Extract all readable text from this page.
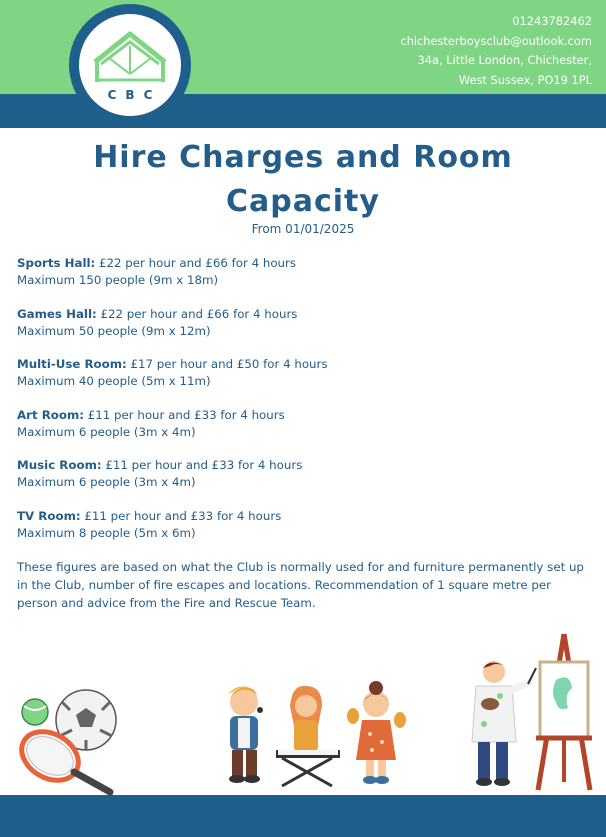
CBC
01243782462
chichesterboysclub@outlook.com
34a, Little London, Chichester,
West Sussex, PO19 1PL
Hire Charges and Room
Capacity
From 01/01/2025
Sports Hall: £22 per hour and £66 for 4 hours
Maximum 150 people (9m x 18m)
Games Hall: £22 per hour and £66 for 4 hours
Maximum 50 people (9m x 12m)
Multi-Use Room: £17 per hour and £50 for 4 hours
Maximum 40 people (5m x 11m)
Art Room: £11 per hour and £33 for 4 hours
Maximum 6 people (3m x 4m)
Music Room: £11 per hour and £33 for 4 hours
Maximum 6 people (3m x 4m)
TV Room: £11 per hour and £33 for 4 hours
Maximum 8 people (5m x 6m)
These figures are based on what the Club is normally used for and furniture permanently set up in the Club, number of fire escapes and locations. Recommendation of 1 square metre per person and advice from the Fire and Rescue Team.
